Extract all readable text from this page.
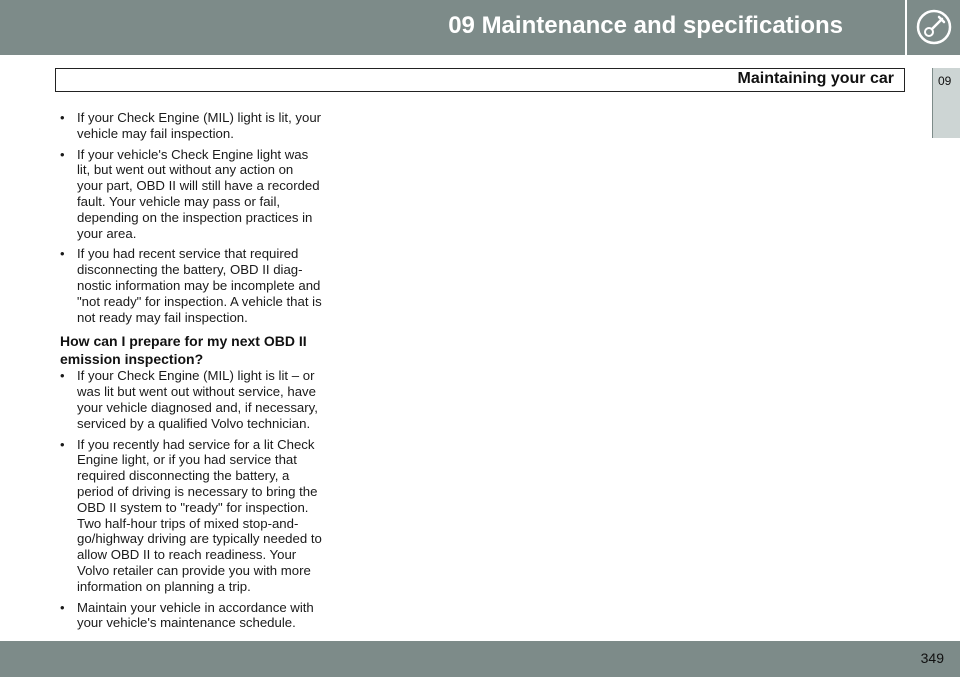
09 Maintenance and specifications
Maintaining your car	09
• If your Check Engine (MIL) light is lit, your vehicle may fail inspection.
• If your vehicle's Check Engine light was lit, but went out without any action on your part, OBD II will still have a recorded fault. Your vehicle may pass or fail, depending on the inspection practices in your area.
• If you had recent service that required disconnecting the battery, OBD II diag-nostic information may be incomplete and "not ready" for inspection. A vehicle that is not ready may fail inspection.
How can I prepare for my next OBD II emission inspection?
• If your Check Engine (MIL) light is lit – or was lit but went out without service, have your vehicle diagnosed and, if necessary, serviced by a qualified Volvo technician.
• If you recently had service for a lit Check Engine light, or if you had service that required disconnecting the battery, a period of driving is necessary to bring the OBD II system to "ready" for inspection. Two half-hour trips of mixed stop-and-go/highway driving are typically needed to allow OBD II to reach readiness. Your Volvo retailer can provide you with more information on planning a trip.
• Maintain your vehicle in accordance with your vehicle's maintenance schedule.
349
